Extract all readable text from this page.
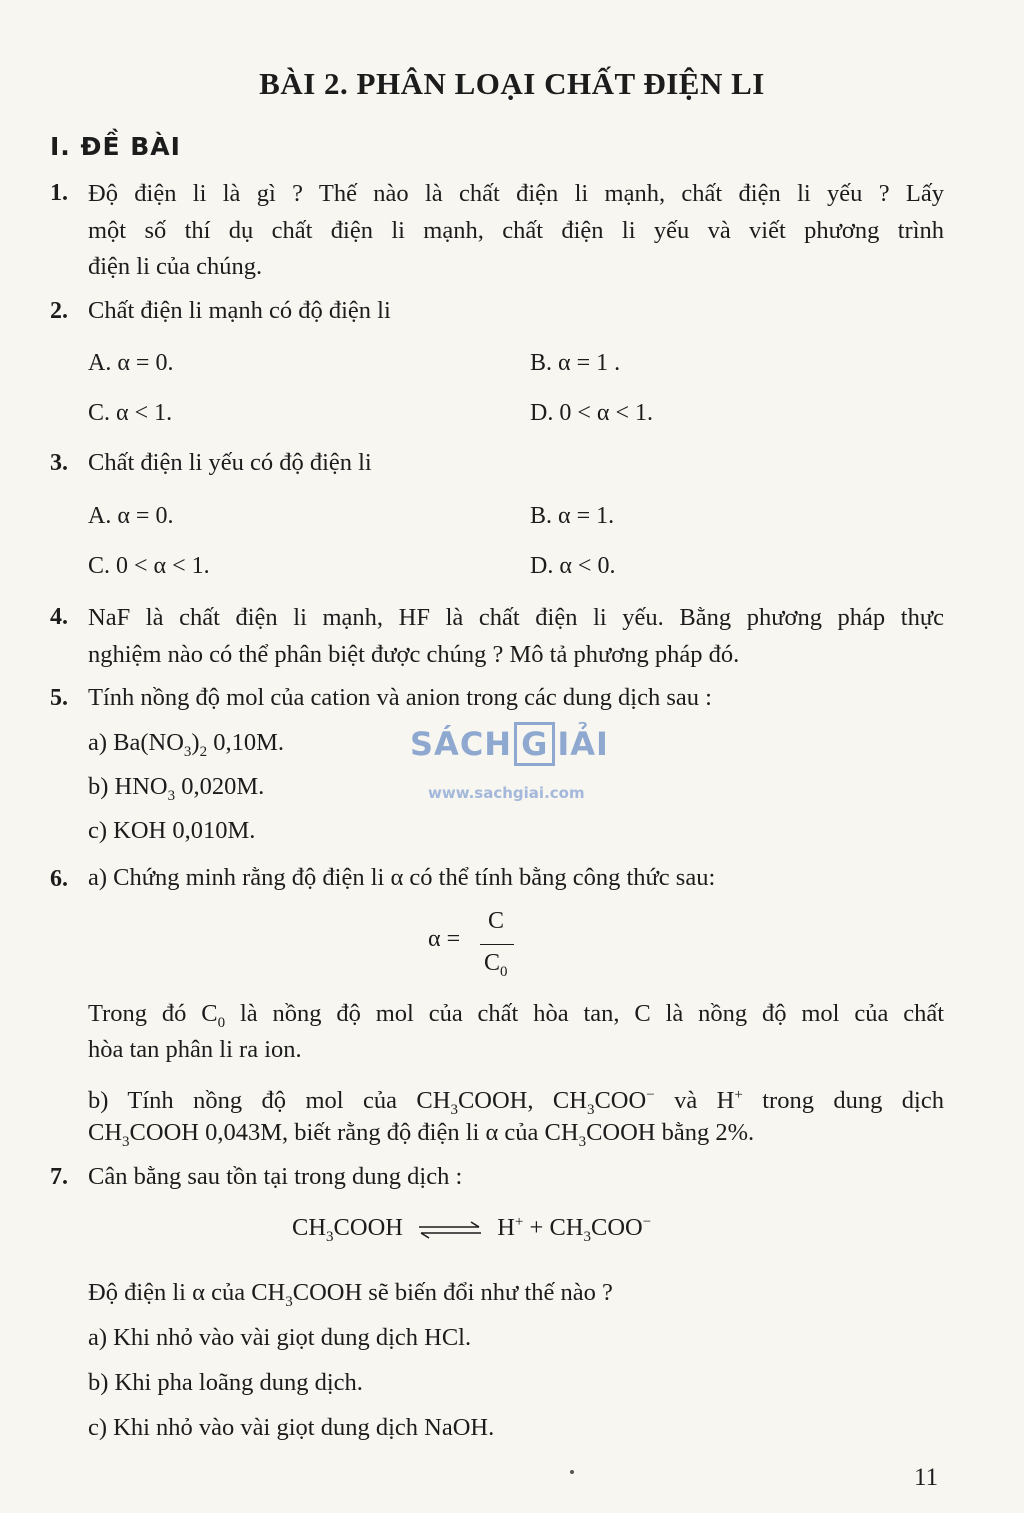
BÀI 2. PHÂN LOẠI CHẤT ĐIỆN LI
I. ĐỀ BÀI
1. Độ điện li là gì ? Thế nào là chất điện li mạnh, chất điện li yếu ? Lấy
một số thí dụ chất điện li mạnh, chất điện li yếu và viết phương trình
điện li của chúng.
2. Chất điện li mạnh có độ điện li
A. α = 0.	B. α = 1 .
C. α < 1.	D. 0 < α < 1.
3. Chất điện li yếu có độ điện li
A. α = 0.	B. α = 1.
C. 0 < α < 1.	D. α < 0.
4. NaF là chất điện li mạnh, HF là chất điện li yếu. Bằng phương pháp thực
nghiệm nào có thể phân biệt được chúng ? Mô tả phương pháp đó.
5. Tính nồng độ mol của cation và anion trong các dung dịch sau :
a) $Ba(NO_3)_2$ 0,10M.
b) $HNO_3$ 0,020M.
c) KOH 0,010M.
SÁCH G IẢI
www.sachgiai.com
6. a) Chứng minh rằng độ điện li α có thể tính bằng công thức sau:
α =
C
$C_0$
Trong đó $C_0$ là nồng độ mol của chất hòa tan, C là nồng độ mol của chất
hòa tan phân li ra ion.
b) Tính nồng độ mol của $CH_3COOH$, $CH_3COO^-$ và H+ trong dung dịch
$CH_3COOH$ 0,043M, biết rằng độ điện li α của $CH_3COOH$ bằng 2%.
7. Cân bằng sau tồn tại trong dung dịch :
$CH_3COOH$ ⇌ $H^+ + CH_3COO^-$
Độ điện li α của $CH_3COOH$ sẽ biến đổi như thế nào ?
a) Khi nhỏ vào vài giọt dung dịch HCl.
b) Khi pha loãng dung dịch.
c) Khi nhỏ vào vài giọt dung dịch NaOH.
11
